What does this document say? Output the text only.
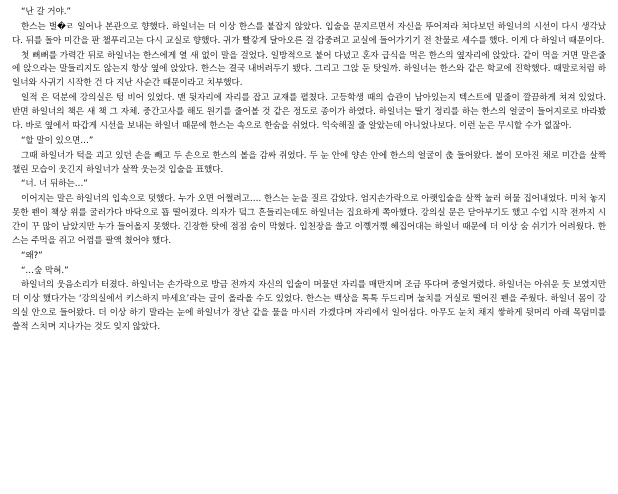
“난 갈 거야.”

한스는 벌�ㄹ 일어나 본관으로 향했다. 하일너는 더 이상 한스를 붙잡지 않았다. 입술을 문지르면서 자신을 뚜어져라 쳐다보던 하일너의 시선이 다시 생각났다. 뒤를 돌아 미간을 판 챌푸리고는 다시 교실로 향했다. 귀가 빨갛게 달아오른 걸 감중려고 교실에 들어가기기 전 찬물로 세수를 했다. 이게 다 하일너 때문이다.

첫 뻐뻐를 가력간 뒤로 하일너는 한스에게 열 새 없이 말을 걸었다. 일방적으로 붙어 다녔고 혼자 급식을 먹은 한스의 옆자리에 앉았다. 같이 먹을 거면 말은줄에 앉으라는 말들리지도 않는지 항상 옆에 앉았다. 한스는 결국 내버려두기 됐다. 그리고 그앉 둔 탓일까. 하일너는 한스와 같은 학교에 진학했다. 때말로처럼 하일너와 사귀기 시작한 건 다 지난 사순간 때문이라고 치부했다.

일적 은 덕분에 강의실은 텅 비어 있었다. 맨 뒷자리에 자리를 잡고 교재를 펼쳤다. 고등학생 때의 습관이 남아있는지 텍스트에 밑줄이 깔끔하게 쳐져 있었다. 반면 하일너의 책은 새 책 그 자체. 중간고사를 해도 원기를 줄어볼 것 같은 정도로 종이가 하였다. 하일너는 딸기 정리를 하는 한스의 얼굴이 들어지로로 바라봤다. 바로 옆에서 따갑게 시선을 보내는 하일너 때문에 한스는 속으로 한숨을 쉬었다. 익숙해질 줄 알았는데 아니었나보다. 이런 눈은 무시할 수가 없잖아.

“할 말이 있으면…”

그때 하일너가 턱을 괴고 있던 손을 빼고 두 손으로 한스의 볼을 감싸 쥐었다. 두 눈 안에 양손 안에 한스의 얼굴이 춙 들어왔다. 볼이 모아진 채로 미간을 살짝 챌린 모습이 웃긴지 하일너가 살짝 웃는것 입술을 표했다.

“너. 너 뒤하는…”

이어지는 말은 하일너의 입속으로 덧했다. 누가 오면 어쩔려고…. 한스는 눈을 질르 감았다. 엄지손가락으로 아랫입술을 살짝 눌러 허물 집어내었다. 미처 놓지 못한 펜이 책상 위를 굴러가다 바닥으로 뚑 떨어졌다. 의자가 덬그 흔들리는데도 하일너는 집요하게 쪽아했다. 강의실 문은 닫아부기도 했고 수업 시작 전까지 시간이 꾸 많이 남았지만 누가 들어올지 못했다. 긴장한 탓에 점점 숨이 막혔다. 입천장을 쓸고 이꼓거꼓 헤집어대는 하일너 때문에 더 이상 숨 쉬기가 어려웠다. 한스는 주먹을 쥐고 어껌를 팔액 쳤어야 했다.

“왜?”

“…숲 막혀.”

하일너의 웃음소리가 터졌다. 하일너는 손가락으로 방금 전까지 자신의 입술이 머물던 자리를 매만지며 조금 뚜다며 중얼거렸다. 하일너는 아쉬운 듯 보였지만 더 이상 했다가는 ‘강의실에서 키스하지 마세요’라는 글이 올라올 수도 있었다. 한스는 백상을 톡톡 두드리며 눌치를 거실로 떨어진 펜을 주웠다. 하일너 몸이 강의실 안으로 들어왔다. 더 이상 하기 말라는 눈에 하일너가 장난 같을 물을 마시러 가겠다며 자리에서 일어섬다. 아무도 눈치 채지 쌓하게 뒷머리 아래 목덤미를 쓸적 스치며 지나가는 것도 잊지 않았다.
